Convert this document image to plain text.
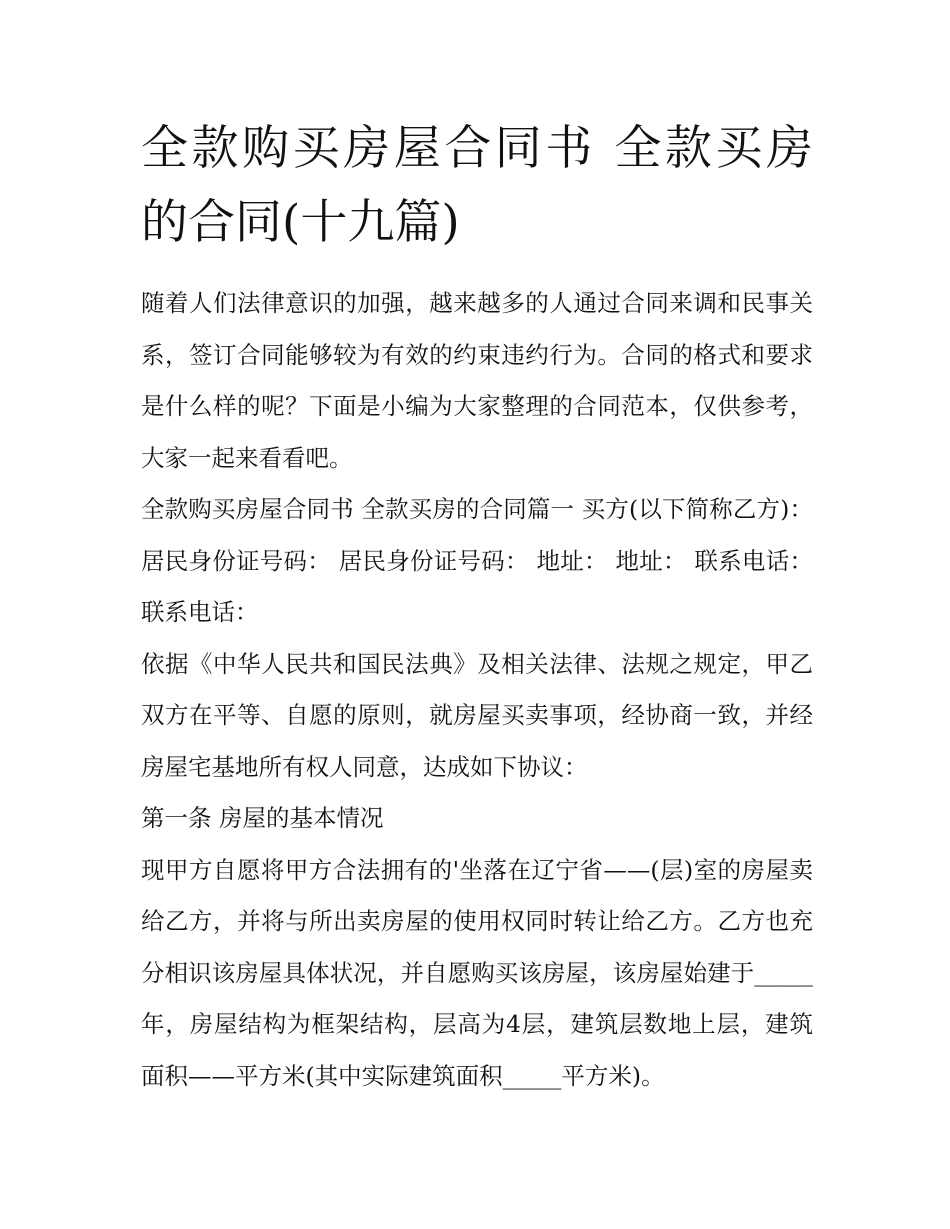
全款购买房屋合同书 全款买房的合同(十九篇)

随着人们法律意识的加强，越来越多的人通过合同来调和民事关系，签订合同能够较为有效的约束违约行为。合同的格式和要求是什么样的呢？下面是小编为大家整理的合同范本，仅供参考，大家一起来看看吧。

全款购买房屋合同书 全款买房的合同篇一 买方(以下简称乙方)： 居民身份证号码： 居民身份证号码： 地址： 地址： 联系电话： 联系电话：

依据《中华人民共和国民法典》及相关法律、法规之规定，甲乙双方在平等、自愿的原则，就房屋买卖事项，经协商一致，并经房屋宅基地所有权人同意，达成如下协议：

第一条 房屋的基本情况

现甲方自愿将甲方合法拥有的'坐落在辽宁省——(层)室的房屋卖给乙方，并将与所出卖房屋的使用权同时转让给乙方。乙方也充分相识该房屋具体状况，并自愿购买该房屋，该房屋始建于_____年，房屋结构为框架结构，层高为4层，建筑层数地上层，建筑面积——平方米(其中实际建筑面积_____平方米)。
